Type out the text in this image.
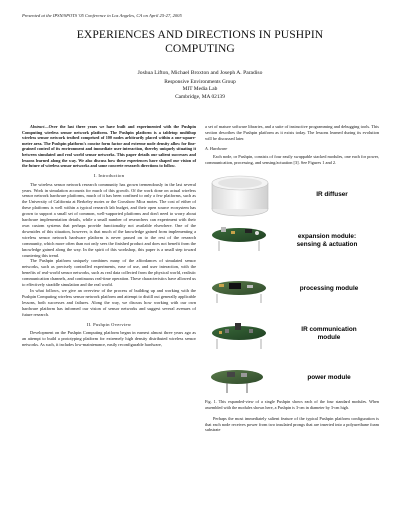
Presented at the IPSN/SPOTS '05 Conference in Los Angeles, CA on April 25-27, 2005
EXPERIENCES AND DIRECTIONS IN PUSHPIN
COMPUTING
Joshua Lifton, Michael Broxton and Joseph A. Paradiso
Responsive Environments Group
MIT Media Lab
Cambridge, MA 02139

Abstract—Over the last three years we have built and experimented with the Pushpin Computing wireless sensor network platform. The Pushpin platform is a tabletop multihop wireless sensor network testbed comprised of 100 nodes arbitrarily placed within a one-square-meter area. The Pushpin platform's concise form factor and extreme node density allow for fine-grained control of its environment and immediate user interaction, thereby uniquely situating it between simulated and real world sensor networks. This paper details our salient successes and lessons learned along the way. We also discuss how these experiences have shaped our vision of the future of wireless sensor networks and some concrete research directions to follow.

I. Introduction

The wireless sensor network research community has grown tremendously in the last several years. Work in simulation accounts for much of this growth. Of the work done on actual wireless sensor network hardware platforms, much of it has been confined to only a few platforms, such as the University of California at Berkeley motes or the Crossbow Mica motes. The cost of either of these platforms is well within a typical research lab budget, and their open source ecosystem has grown to support a small set of common, well-supported platforms and don't need to worry about hardware implementation details, while a small number of researchers can experiment with their own custom systems that perhaps provide functionality not available elsewhere. One of the downsides of this situation, however, is that much of the knowledge gained from implementing a wireless sensor network hardware platform is never passed on to the rest of the research community, which more often than not only sees the finished product and does not benefit from the knowledge gained along the way. In the spirit of this workshop, this paper is a small step toward countering this trend.

The Pushpin platform uniquely combines many of the affordances of simulated sensor networks, such as precisely controlled experiments, ease of use, and user interaction, with the benefits of real-world sensor networks, such as real data collected from the physical world, realistic communication channels, and continuous real-time operation. These characteristics have allowed us to effectively straddle simulation and the real world.

In what follows, we give an overview of the process of building up and working with the Pushpin Computing wireless sensor network platform and attempt to distill out generally applicable lessons, both successes and failures. Along the way, we discuss how working with our own hardware platform has informed our vision of sensor networks and suggest several avenues of future research.

II. Pushpin Overview

Development on the Pushpin Computing platform began in earnest almost three years ago as an attempt to build a prototyping platform for extremely high density distributed wireless sensor networks. As such, it includes low-maintenance, easily reconfigurable hardware,

a set of mature software libraries, and a suite of instructive programming and debugging tools. This section describes the Pushpin platform as it exists today. The lessons learned during its evolution will be discussed later.

A. Hardware

Each node, or Pushpin, consists of four easily swappable stacked modules, one each for power, communication, processing, and sensing/actuation [3]. See Figures 1 and 2.

IR diffuser
expansion module:
sensing & actuation
processing module
IR communication
module
power module

Fig. 1. This expanded-view of a single Pushpin shows each of the four standard modules. When assembled with the modules shown here, a Pushpin is 3-cm in diameter by 3-cm high.

Perhaps the most immediately salient feature of the typical Pushpin platform configuration is that each node receives power from two insulated prongs that are inserted into a polyurethane foam substrate
